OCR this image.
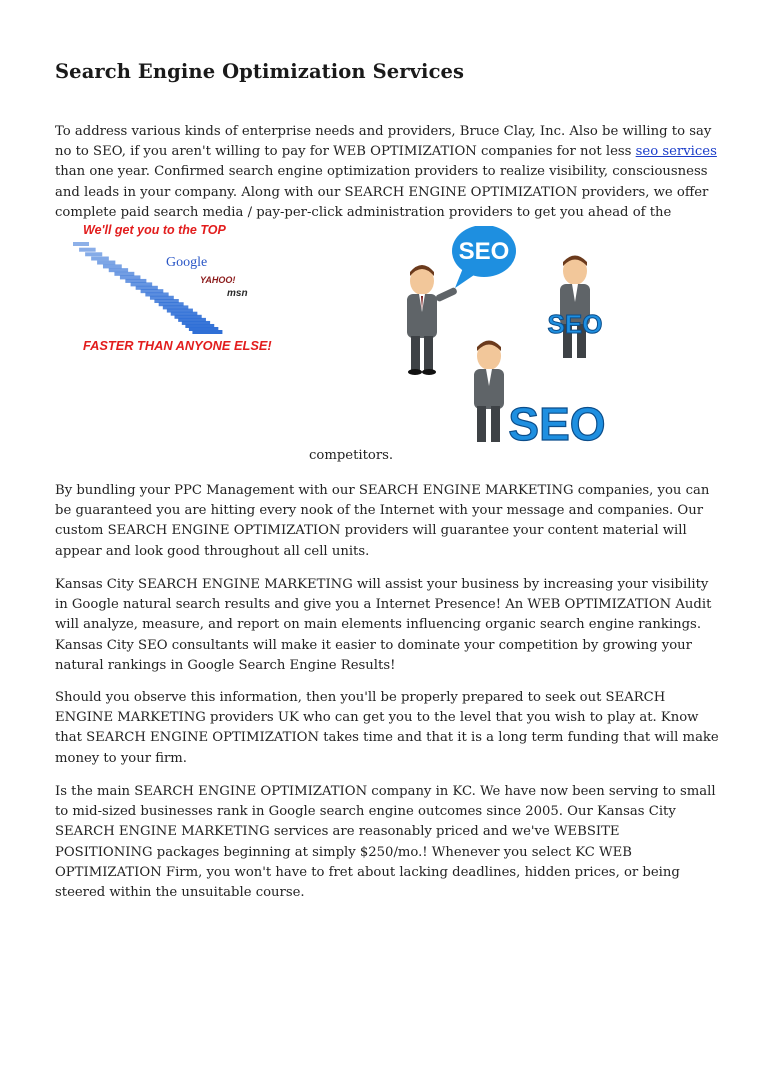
Search Engine Optimization Services

To address various kinds of enterprise needs and providers, Bruce Clay, Inc. Also be willing to say no to SEO, if you aren't willing to pay for WEB OPTIMIZATION companies for not less seo services than one year. Confirmed search engine optimization providers to realize visibility, consciousness and leads in your company. Along with our SEARCH ENGINE OPTIMIZATION providers, we offer complete paid search media / pay-per-click administration providers to get you ahead of the

We'll get you to the TOP
Google
YAHOO!
msn
FASTER THAN ANYONE ELSE!
SEO
SEO
SEO
competitors.

By bundling your PPC Management with our SEARCH ENGINE MARKETING companies, you can be guaranteed you are hitting every nook of the Internet with your message and companies. Our custom SEARCH ENGINE OPTIMIZATION providers will guarantee your content material will appear and look good throughout all cell units.

Kansas City SEARCH ENGINE MARKETING will assist your business by increasing your visibility in Google natural search results and give you a Internet Presence! An WEB OPTIMIZATION Audit will analyze, measure, and report on main elements influencing organic search engine rankings. Kansas City SEO consultants will make it easier to dominate your competition by growing your natural rankings in Google Search Engine Results!

Should you observe this information, then you'll be properly prepared to seek out SEARCH ENGINE MARKETING providers UK who can get you to the level that you wish to play at. Know that SEARCH ENGINE OPTIMIZATION takes time and that it is a long term funding that will make money to your firm.

Is the main SEARCH ENGINE OPTIMIZATION company in KC. We have now been serving to small to mid-sized businesses rank in Google search engine outcomes since 2005. Our Kansas City SEARCH ENGINE MARKETING services are reasonably priced and we've WEBSITE POSITIONING packages beginning at simply $250/mo.! Whenever you select KC WEB OPTIMIZATION Firm, you won't have to fret about lacking deadlines, hidden prices, or being steered within the unsuitable course.
